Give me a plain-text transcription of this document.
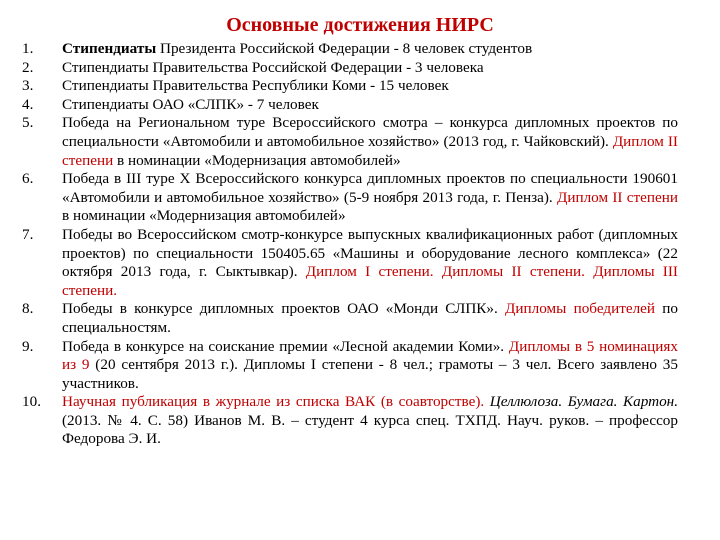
Основные достижения НИРС
1.	Стипендиаты Президента Российской Федерации - 8 человек студентов
2.	Стипендиаты Правительства Российской Федерации - 3 человека
3.	Стипендиаты Правительства Республики Коми - 15 человек
4.	Стипендиаты ОАО «СЛПК» - 7 человек
5.	Победа на Региональном туре Всероссийского смотра – конкурса дипломных проектов по специальности «Автомобили и автомобильное хозяйство» (2013 год, г. Чайковский). Диплом II степени в номинации «Модернизация автомобилей»
6.	Победа в III туре X Всероссийского конкурса дипломных проектов по специальности 190601 «Автомобили и автомобильное хозяйство» (5-9 ноября 2013 года, г. Пенза). Диплом II степени в номинации «Модернизация автомобилей»
7.	Победы во Всероссийском смотр-конкурсе выпускных квалификационных работ (дипломных проектов) по специальности 150405.65 «Машины и оборудование лесного комплекса» (22 октября 2013 года, г. Сыктывкар). Диплом I степени. Дипломы II степени. Дипломы III степени.
8.	Победы в конкурсе дипломных проектов ОАО «Монди СЛПК». Дипломы победителей по специальностям.
9.	Победа в конкурсе на соискание премии «Лесной академии Коми». Дипломы в 5 номинациях из 9 (20 сентября 2013 г.). Дипломы I степени - 8 чел.; грамоты – 3 чел. Всего заявлено 35 участников.
10.	Научная публикация в журнале из списка ВАК (в соавторстве). Целлюлоза. Бумага. Картон. (2013. № 4. С. 58) Иванов М. В. – студент 4 курса спец. ТХПД. Науч. руков. – профессор Федорова Э. И.
